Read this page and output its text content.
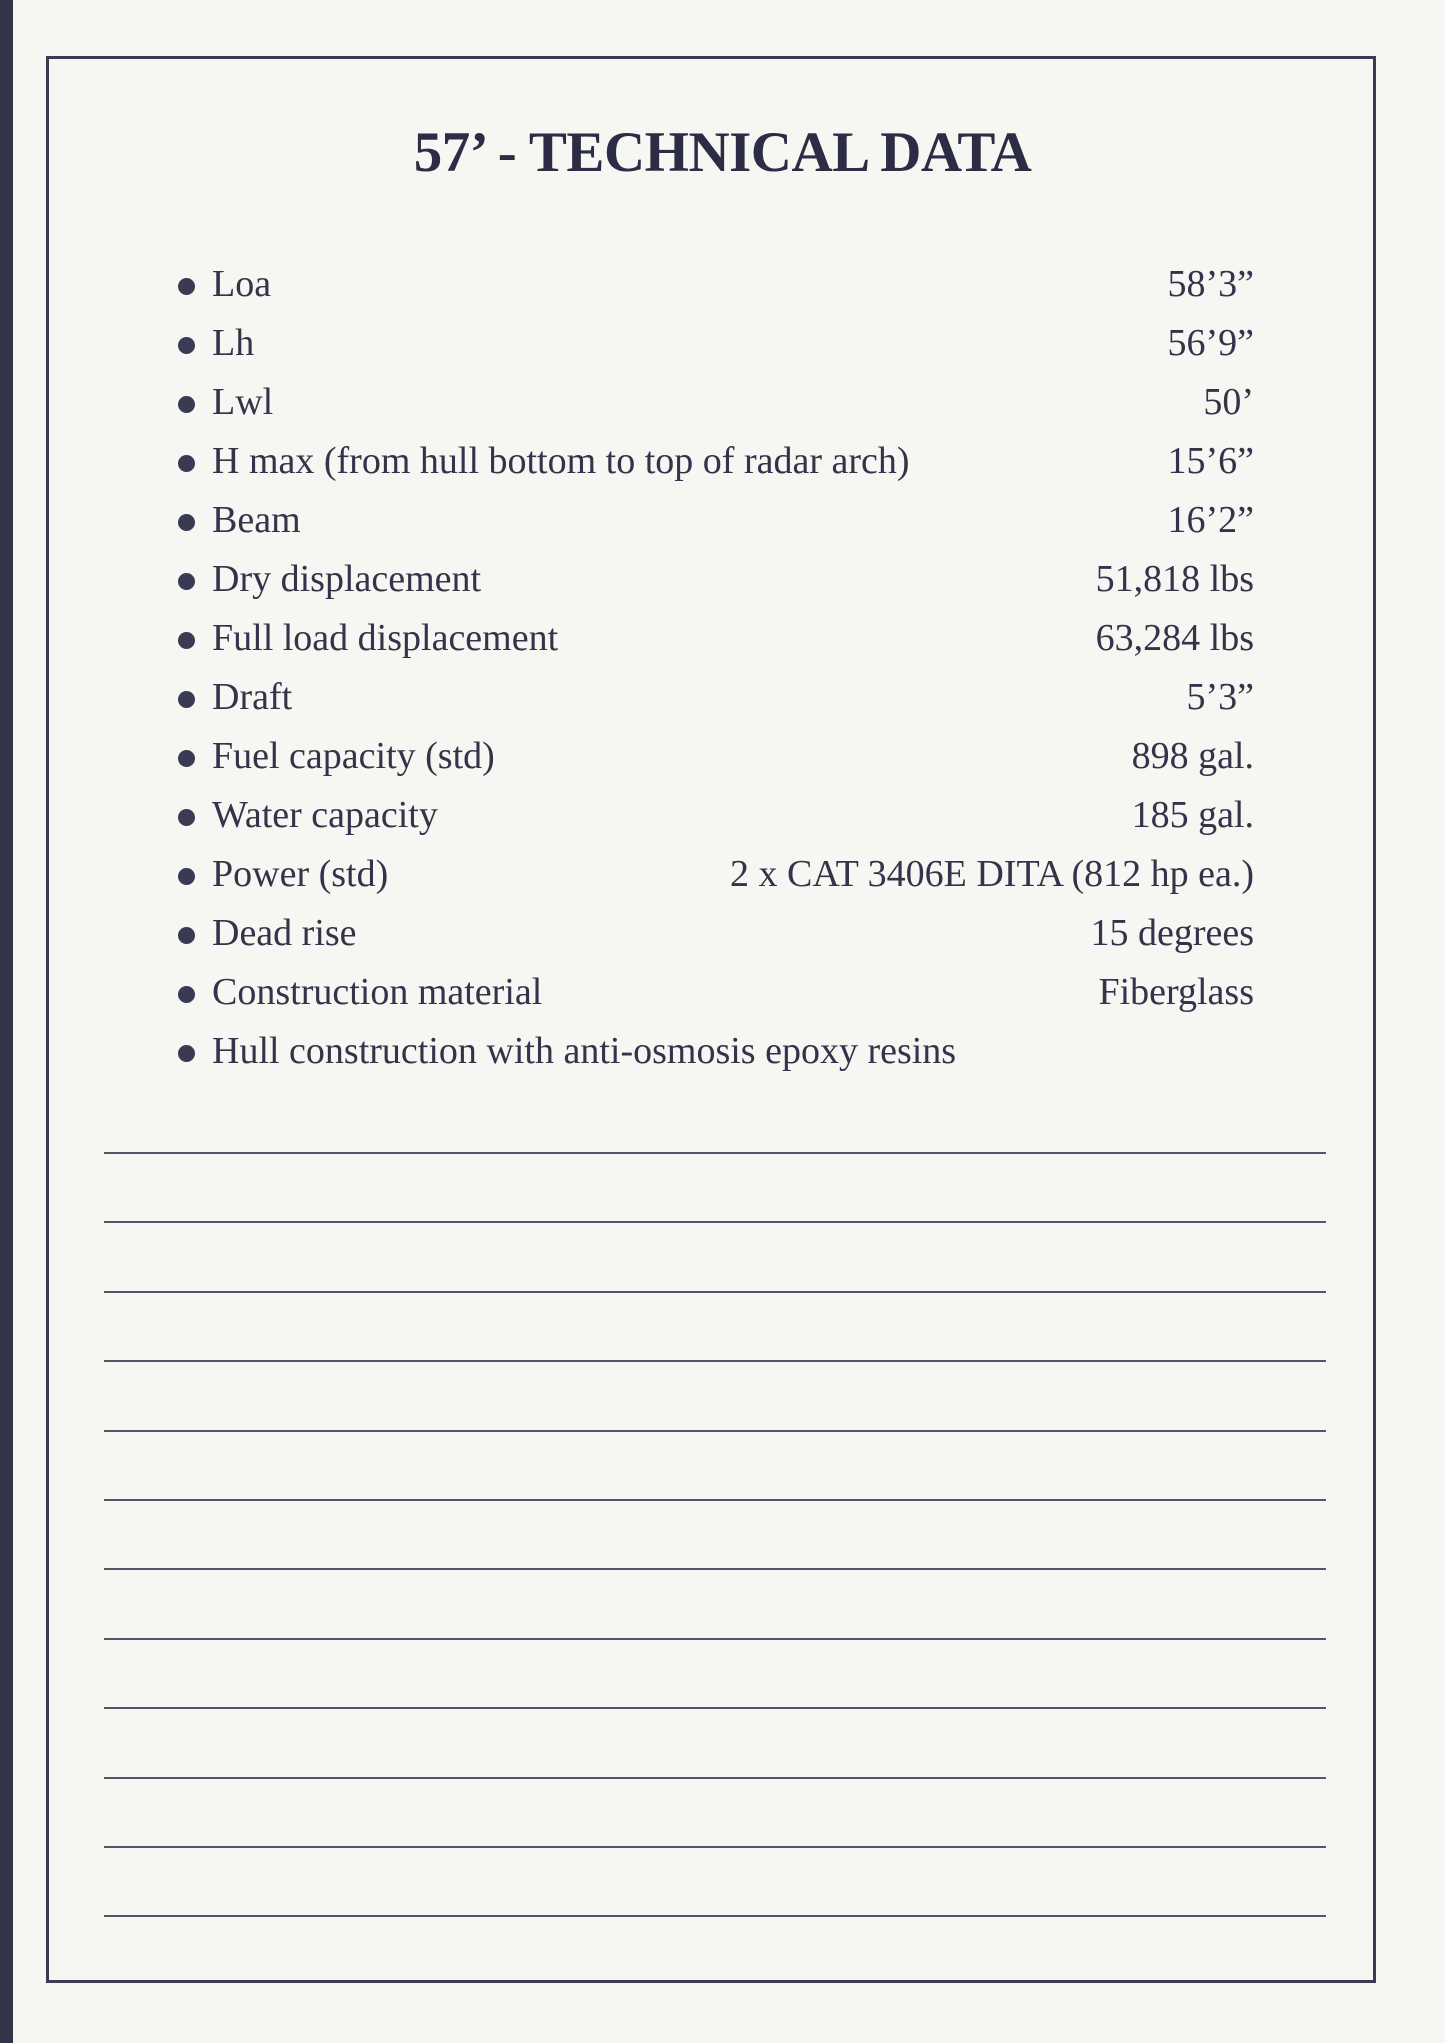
57’ - TECHNICAL DATA
Loa	58’3”
Lh	56’9”
Lwl	50’
H max (from hull bottom to top of radar arch)	15’6”
Beam	16’2”
Dry displacement	51,818 lbs
Full load displacement	63,284 lbs
Draft	5’3”
Fuel capacity (std)	898 gal.
Water capacity	185 gal.
Power (std)	2 x CAT 3406E DITA (812 hp ea.)
Dead rise	15 degrees
Construction material	Fiberglass
Hull construction with anti-osmosis epoxy resins
